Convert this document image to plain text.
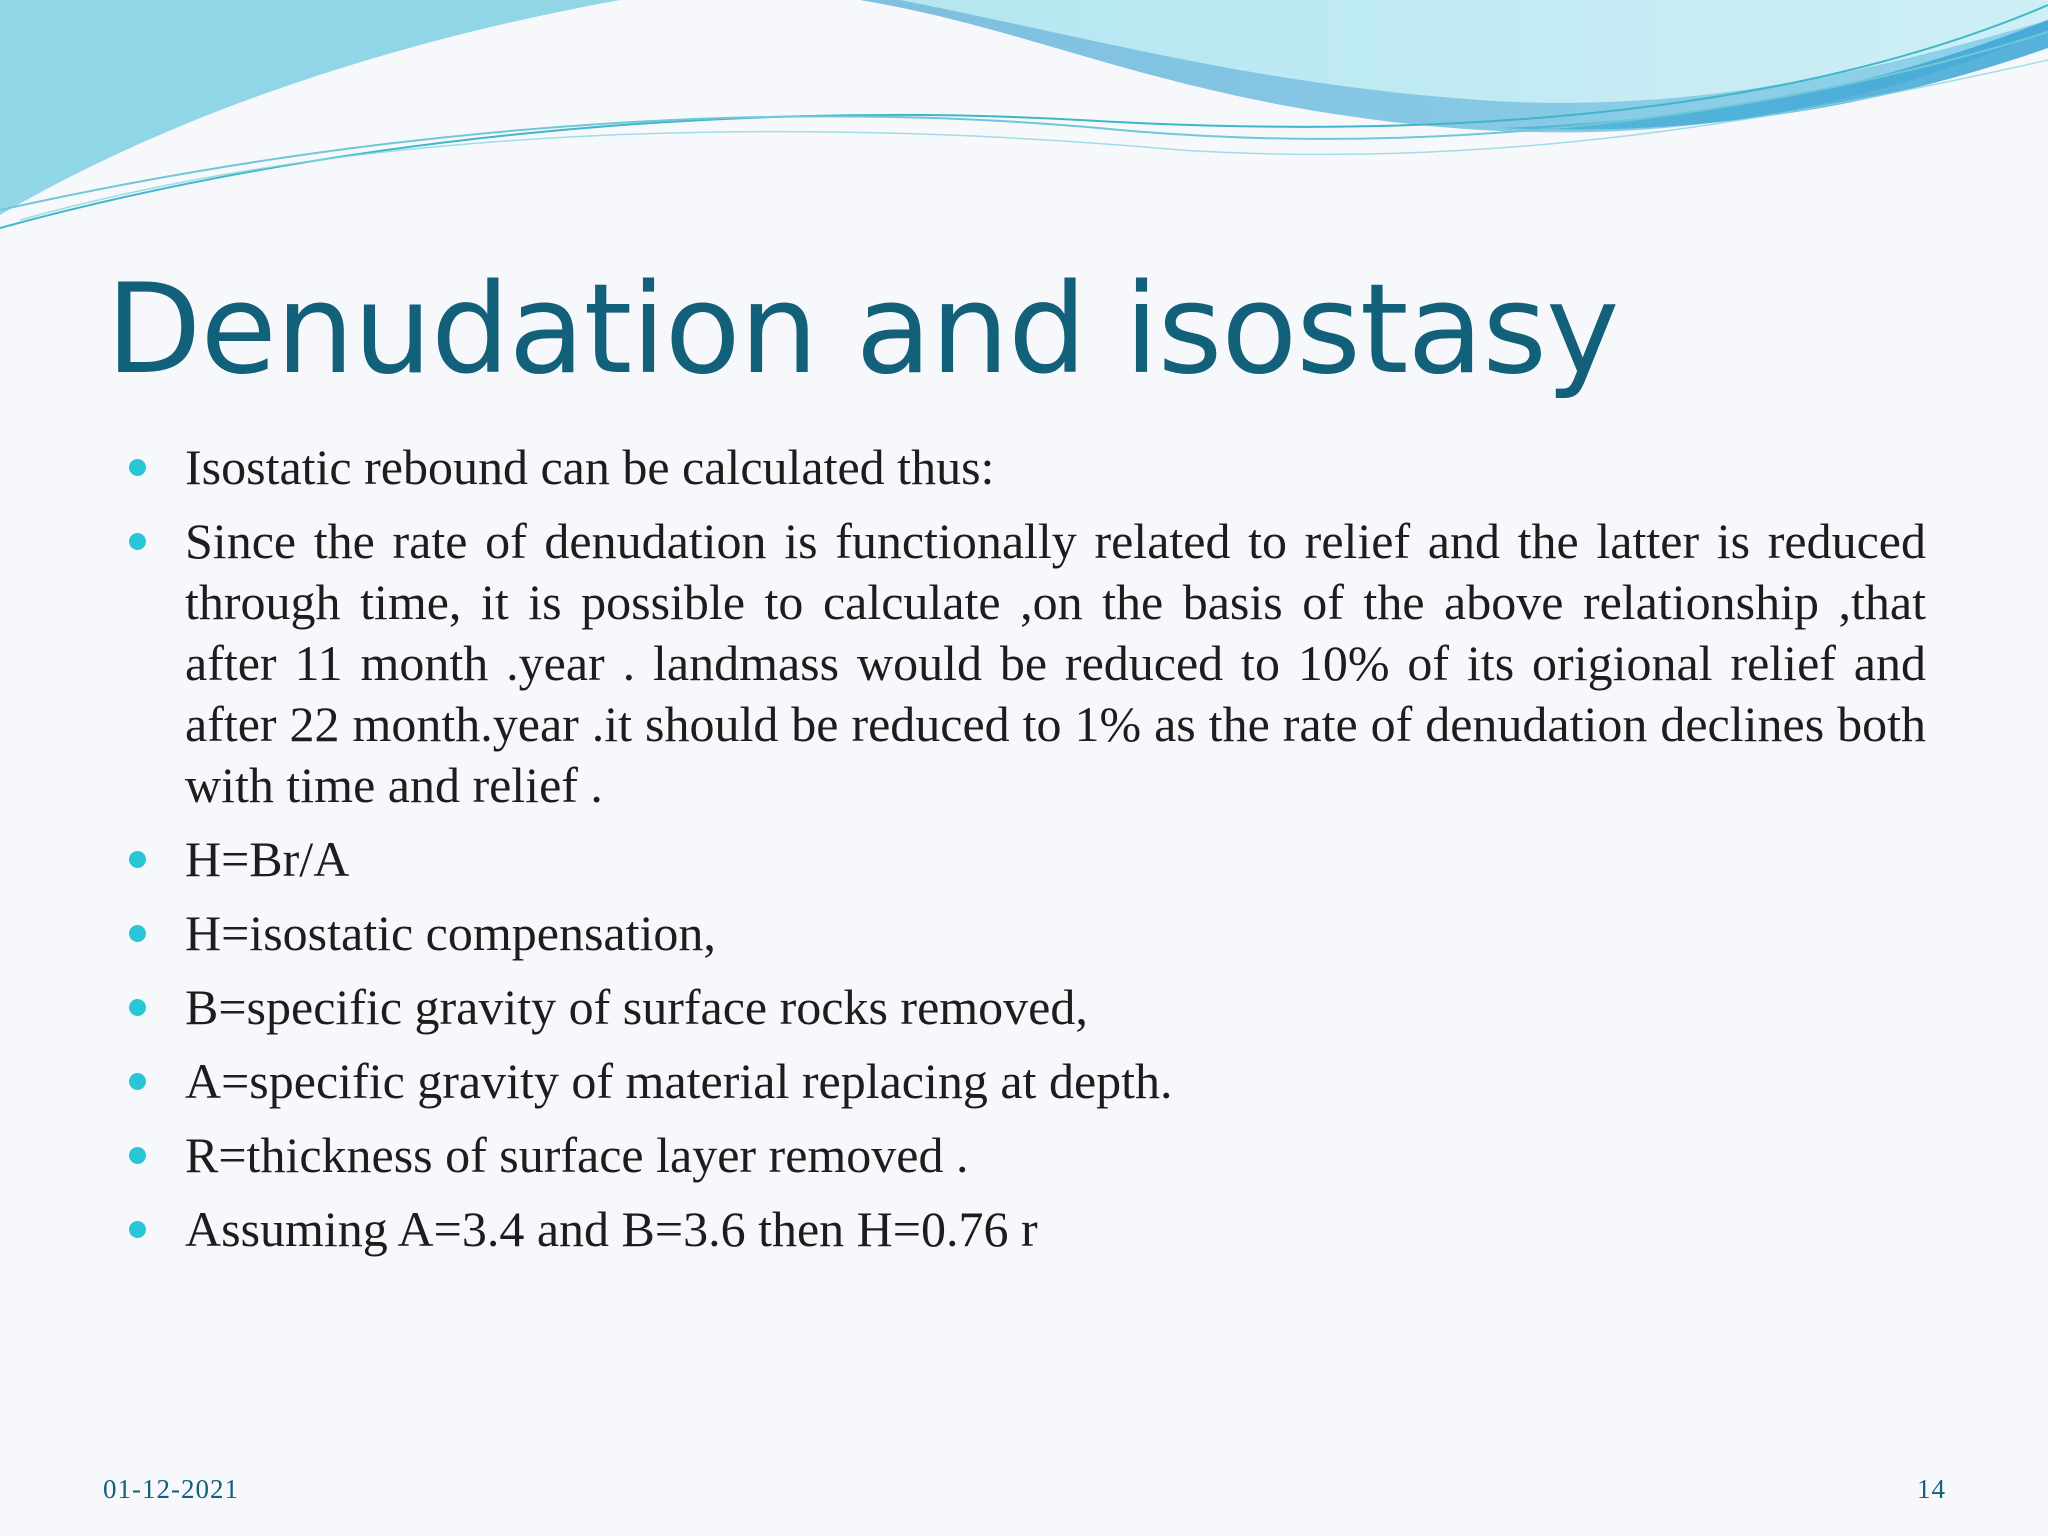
Denudation and isostasy
Isostatic rebound can be calculated thus:
Since the rate of denudation is functionally related to relief and the latter is reduced through time, it is possible to calculate ,on the basis of the above relationship ,that after 11 month .year . landmass would be reduced to 10% of its origional relief and after 22 month.year .it should be reduced to 1% as the rate of denudation declines both with time and relief .
H=Br/A
H=isostatic compensation,
B=specific gravity of surface rocks removed,
A=specific gravity of material replacing at depth.
R=thickness of surface layer removed .
Assuming A=3.4 and B=3.6 then H=0.76 r
01-12-2021	14
